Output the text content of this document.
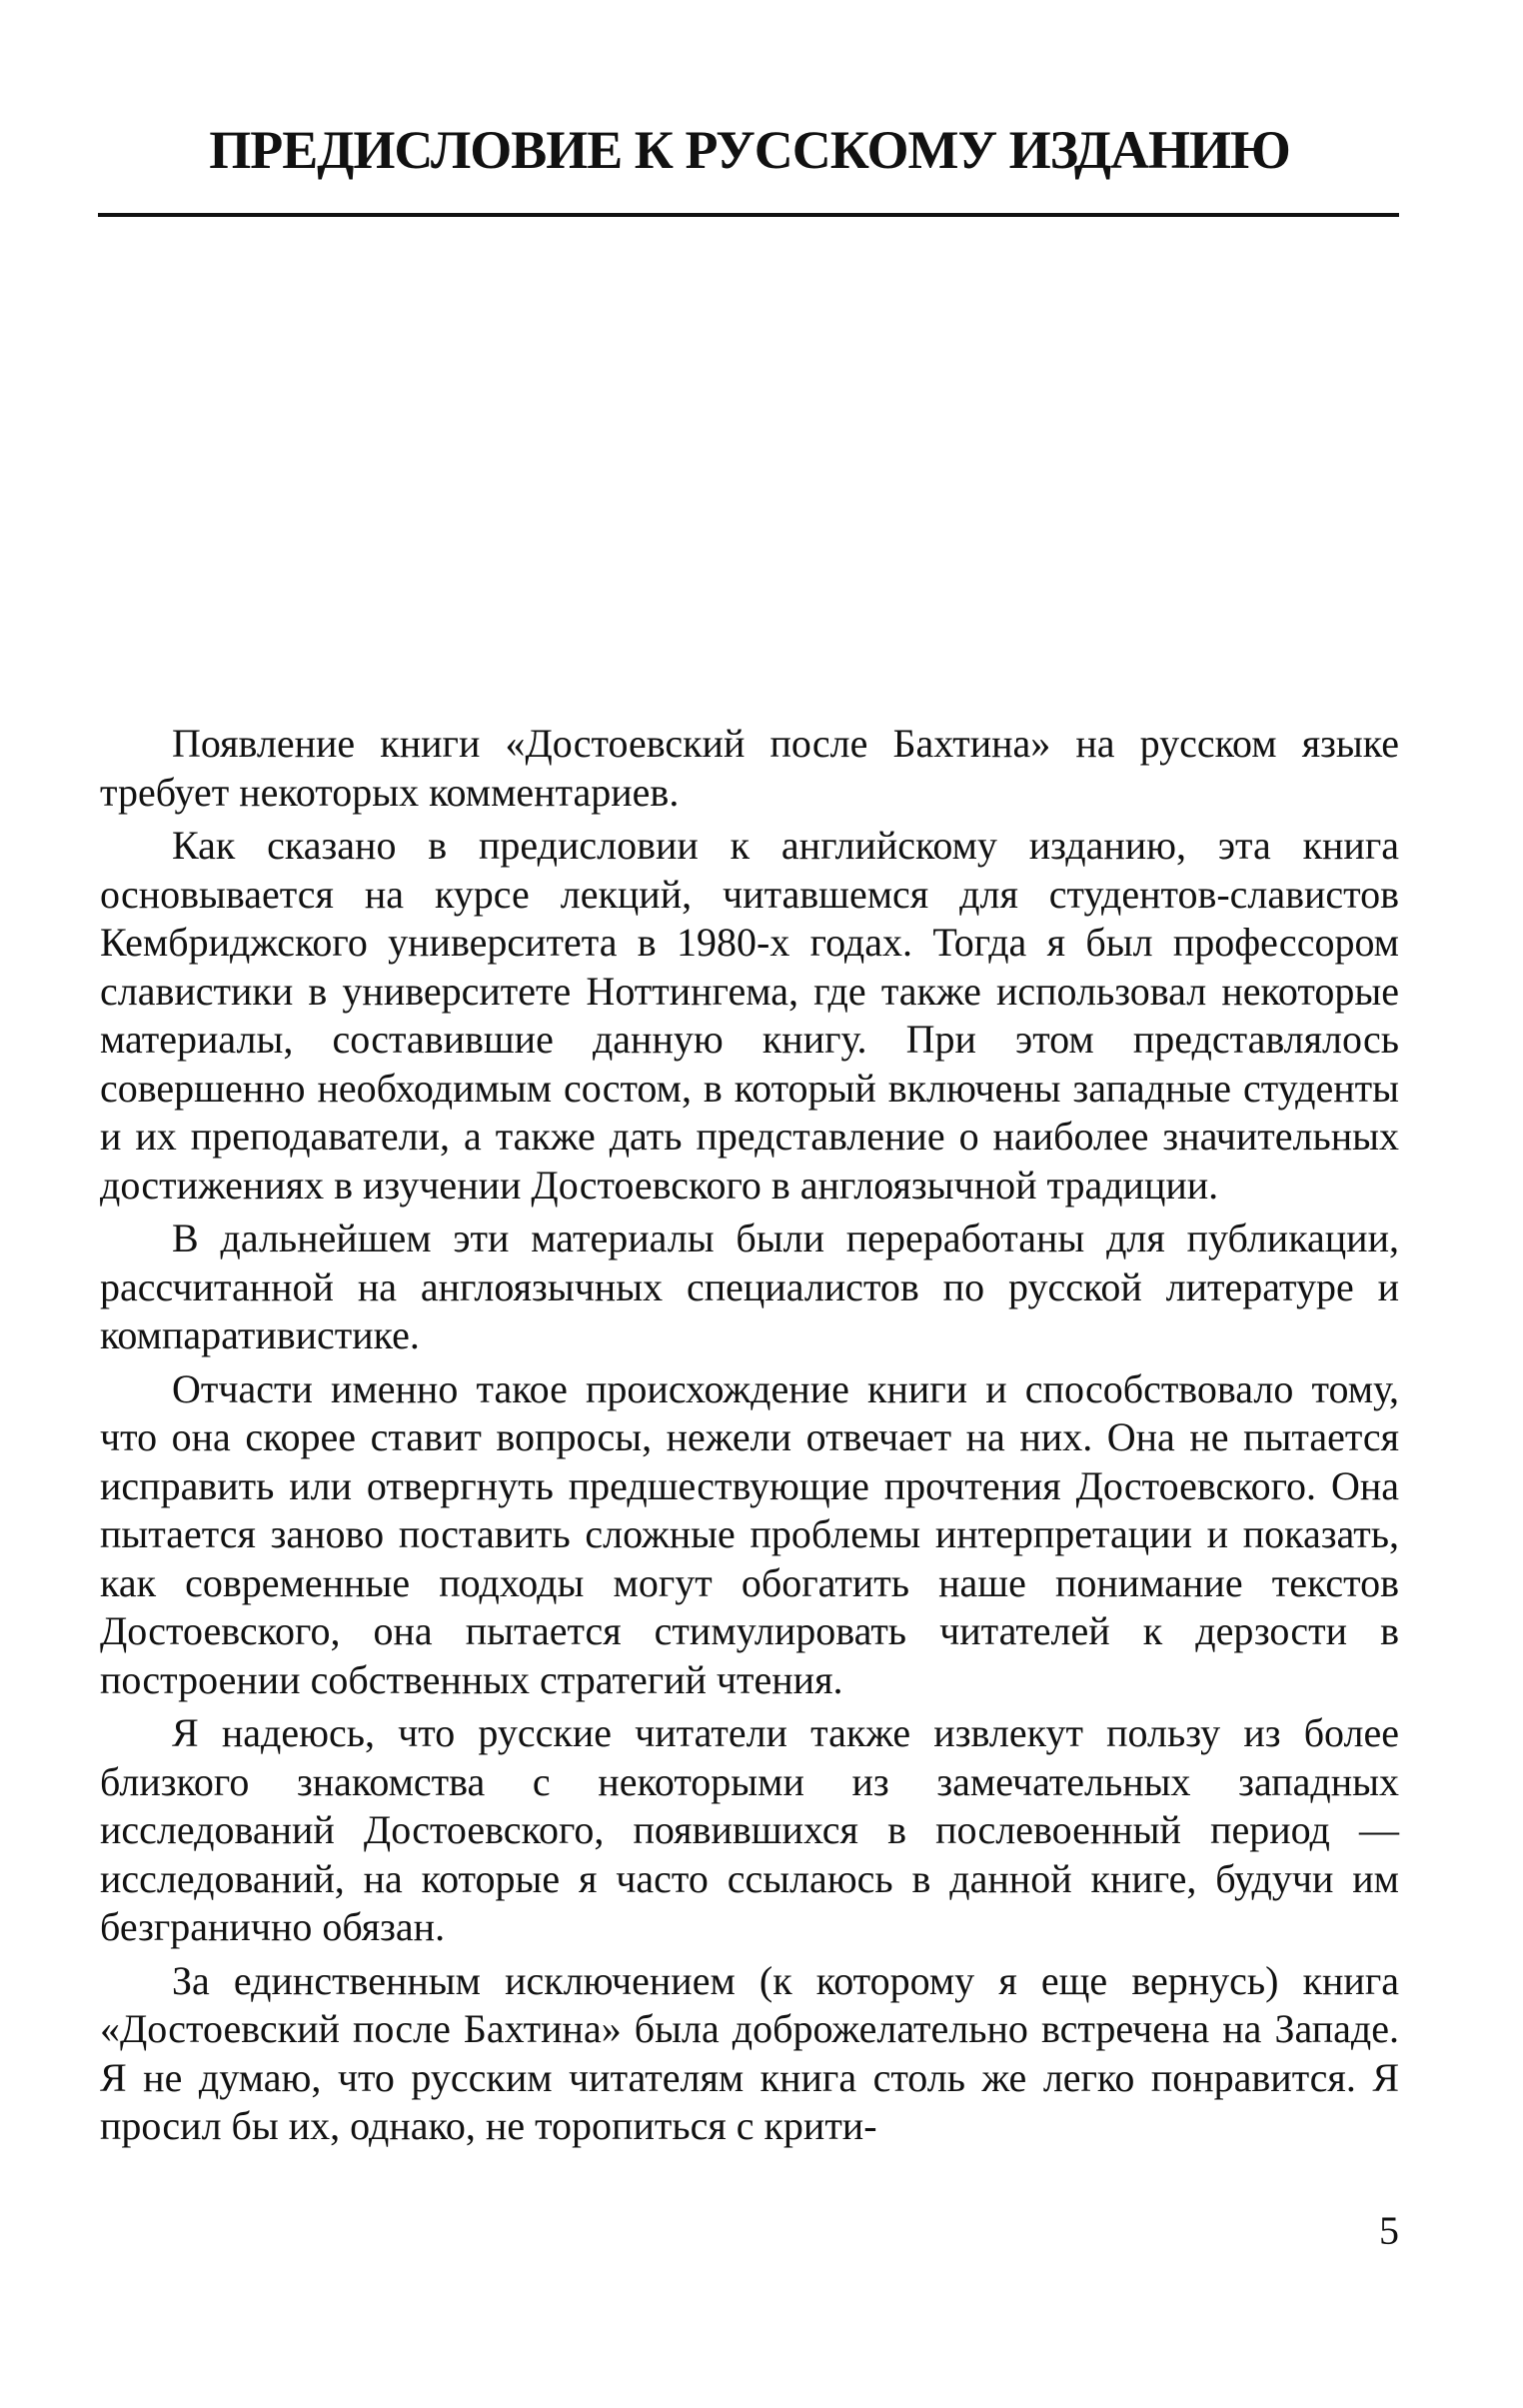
ПРЕДИСЛОВИЕ К РУССКОМУ ИЗДАНИЮ

Появление книги «Достоевский после Бахтина» на русском языке требует некоторых комментариев.

Как сказано в предисловии к английскому изданию, эта книга основывается на курсе лекций, читавшемся для студентов-славистов Кембриджского университета в 1980-х годах. Тогда я был профессором славистики в университете Ноттингема, где также использовал некоторые материалы, составившие данную книгу. При этом представлялось совершенно необходимым состом, в который включены западные студенты и их преподаватели, а также дать представление о наиболее значительных достижениях в изучении Достоевского в англоязычной традиции.

В дальнейшем эти материалы были переработаны для публикации, рассчитанной на англоязычных специалистов по русской литературе и компаративистике.

Отчасти именно такое происхождение книги и способствовало тому, что она скорее ставит вопросы, нежели отвечает на них. Она не пытается исправить или отвергнуть предшествующие прочтения Достоевского. Она пытается заново поставить сложные проблемы интерпретации и показать, как современные подходы могут обогатить наше понимание текстов Достоевского, она пытается стимулировать читателей к дерзости в построении собственных стратегий чтения.

Я надеюсь, что русские читатели также извлекут пользу из более близкого знакомства с некоторыми из замечательных западных исследований Достоевского, появившихся в послевоенный период — исследований, на которые я часто ссылаюсь в данной книге, будучи им безгранично обязан.

За единственным исключением (к которому я еще вернусь) книга «Достоевский после Бахтина» была доброжелательно встречена на Западе. Я не думаю, что русским читателям книга столь же легко понравится. Я просил бы их, однако, не торопиться с крити-

5
